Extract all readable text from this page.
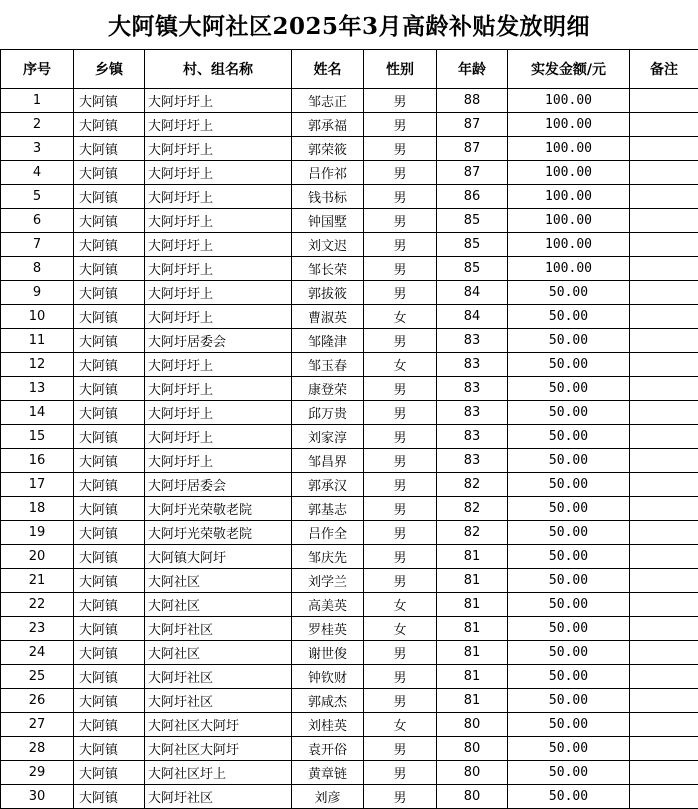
大阿镇大阿社区2025年3月高龄补贴发放明细
序号	乡镇	村、组名称	姓名	性别	年龄	实发金额/元	备注
1	大阿镇	大阿圩圩上	邹志正	男	88	100.00	
2	大阿镇	大阿圩圩上	郭承福	男	87	100.00	
3	大阿镇	大阿圩圩上	郭荣筱	男	87	100.00	
4	大阿镇	大阿圩圩上	吕作祁	男	87	100.00	
5	大阿镇	大阿圩圩上	钱书标	男	86	100.00	
6	大阿镇	大阿圩圩上	钟国墅	男	85	100.00	
7	大阿镇	大阿圩圩上	刘文迟	男	85	100.00	
8	大阿镇	大阿圩圩上	邹长荣	男	85	100.00	
9	大阿镇	大阿圩圩上	郭拔筱	男	84	50.00	
10	大阿镇	大阿圩圩上	曹淑英	女	84	50.00	
11	大阿镇	大阿圩居委会	邹隆津	男	83	50.00	
12	大阿镇	大阿圩圩上	邹玉春	女	83	50.00	
13	大阿镇	大阿圩圩上	康登荣	男	83	50.00	
14	大阿镇	大阿圩圩上	邱万贵	男	83	50.00	
15	大阿镇	大阿圩圩上	刘家淳	男	83	50.00	
16	大阿镇	大阿圩圩上	邹昌界	男	83	50.00	
17	大阿镇	大阿圩居委会	郭承汉	男	82	50.00	
18	大阿镇	大阿圩光荣敬老院	郭基志	男	82	50.00	
19	大阿镇	大阿圩光荣敬老院	吕作全	男	82	50.00	
20	大阿镇	大阿镇大阿圩	邹庆先	男	81	50.00	
21	大阿镇	大阿社区	刘学兰	男	81	50.00	
22	大阿镇	大阿社区	高美英	女	81	50.00	
23	大阿镇	大阿圩社区	罗桂英	女	81	50.00	
24	大阿镇	大阿社区	谢世俊	男	81	50.00	
25	大阿镇	大阿圩社区	钟钦财	男	81	50.00	
26	大阿镇	大阿圩社区	郭咸杰	男	81	50.00	
27	大阿镇	大阿社区大阿圩	刘桂英	女	80	50.00	
28	大阿镇	大阿社区大阿圩	袁开俗	男	80	50.00	
29	大阿镇	大阿社区圩上	黄章链	男	80	50.00	
30	大阿镇	大阿圩社区	刘彦	男	80	50.00	
